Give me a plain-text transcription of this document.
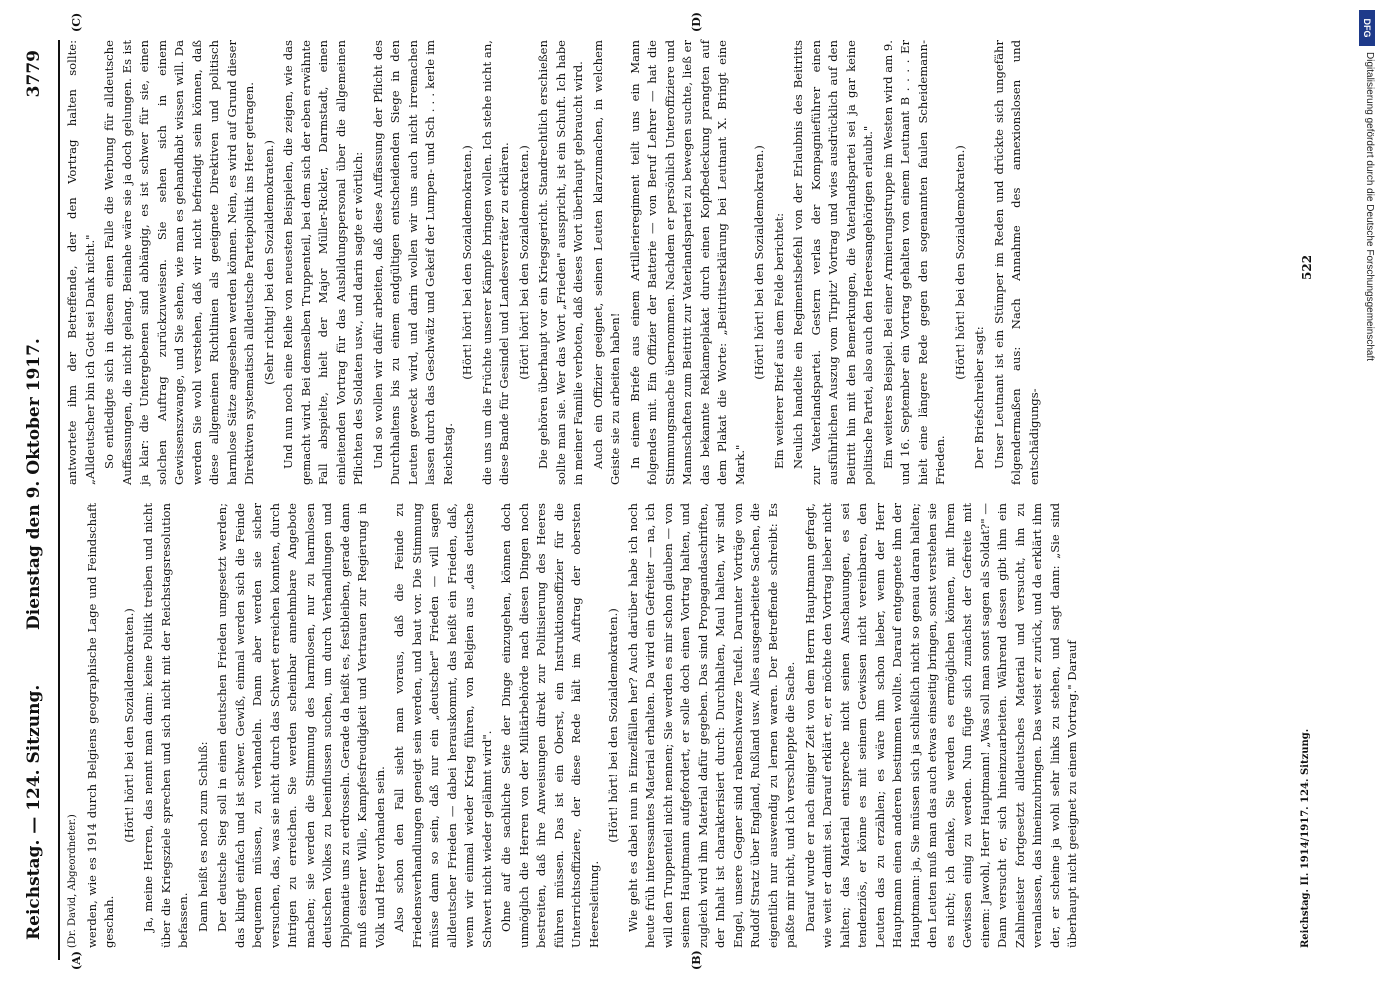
Reichstag. — 124. Sitzung.
Dienstag den 9. Oktober 1917.
3779
(A)	(B)
(C)	(D)

(Dr. David, Abgeordneter.) werden, wie es 1914 durch Belgiens geographische Lage und Feindschaft geschah.

(Hört! hört! bei den Sozialdemokraten.) Ja, meine Herren, das nennt man dann: keine Politik treiben und nicht über die Kriegsziele sprechen und sich nicht mit der Reichstagsresolution befassen. Dann heißt es noch zum Schluß: Der deutsche Sieg soll in einen deutschen Frieden umgesetzt werden; das klingt einfach und ist schwer. Gewiß, einmal werden sich die Feinde bequemen müssen, zu verhandeln. Dann aber werden sie sicher versuchen, das, was sie nicht durch das Schwert erreichen konnten, durch Intrigen zu erreichen. Sie werden scheinbar annehmbare Angebote machen; sie werden die Stimmung des harmlosen, nur zu harmlosen deutschen Volkes zu beeinflussen suchen, um durch Verhandlungen und Diplomatie uns zu erdrosseln. Gerade da heißt es, festbleiben, gerade dann muß eiserner Wille, Kampfesfreudigkeit und Vertrauen zur Regierung in Volk und Heer vorhanden sein. Also schon den Fall sieht man voraus, daß die Feinde zu Friedensverhandlungen geneigt sein werden, und baut vor. Die Stimmung müsse dann so sein, daß nur ein „deutscher" Frieden — will sagen alldeutscher Frieden — dabei herauskommt, das heißt ein Frieden, daß, wenn wir einmal wieder Krieg führen, von Belgien aus „das deutsche Schwert nicht wieder gelähmt wird". Ohne auf die sachliche Seite der Dinge einzugehen, können doch unmöglich die Herren von der Militärbehörde nach diesen Dingen noch bestreiten, daß ihre Anweisungen direkt zur Politisierung des Heeres führen müssen. Das ist ein Oberst, ein Instruktionsoffizier für die Unterrichtsoffiziere, der diese Rede hält im Auftrag der obersten Heeresleitung.

(Hört! hört! bei den Sozialdemokraten.) Wie geht es dabei nun in Einzelfällen her? Auch darüber habe ich noch heute früh interessantes Material erhalten. Da wird ein Gefreiter — na, ich will den Truppenteil nicht nennen; Sie werden es mir schon glauben — von seinem Hauptmann aufgefordert, er solle doch einen Vortrag halten, und zugleich wird ihm Material dafür gegeben. Das sind Propagandaschriften, der Inhalt ist charakterisiert durch: Durchhalten, Maul halten, wir sind Engel, unsere Gegner sind rabenschwarze Teufel. Darunter Vorträge von Rudolf Stratz über England, Rußland usw. Alles ausgearbeitete Sachen, die eigentlich nur auswendig zu lernen waren. Der Betreffende schreibt: Es paßte mir nicht, und ich verschleppte die Sache. Darauf wurde er nach einiger Zeit von dem Herrn Hauptmann gefragt, wie weit er damit sei. Darauf erklärt er, er möchte den Vortrag lieber nicht halten; das Material entspreche nicht seinen Anschauungen, es sei tendenziös, er könne es mit seinem Gewissen nicht vereinbaren, den Leuten das zu erzählen; es wäre ihm schon lieber, wenn der Herr Hauptmann einen anderen bestimmen wollte. Darauf entgegnete ihm der Hauptmann: ja, Sie müssen sich ja schließlich nicht so genau daran halten; den Leuten muß man das auch etwas einseitig bringen, sonst verstehen sie es nicht; ich denke, Sie werden es ermöglichen können, mit Ihrem Gewissen einig zu werden. Nun fügte sich zunächst der Gefreite mit einem: Jawohl, Herr Hauptmann! „Was soll man sonst sagen als Soldat?" — Dann versucht er, sich hineinzuarbeiten. Während dessen gibt ihm ein Zahlmeister fortgesetzt alldeutsches Material und versucht, ihn zu veranlassen, das hineinzubringen. Das weist er zurück, und da erklärt ihm der, er scheine ja wohl sehr links zu stehen, und sagt dann: „Sie sind überhaupt nicht geeignet zu einem Vortrag." Darauf

antwortete ihm der Betreffende, der den Vortrag halten sollte: „Alldeutscher bin ich Gott sei Dank nicht." So entledigte sich in diesem einen Falle die Werbung für alldeutsche Auffassungen, die nicht gelang. Beinahe wäre sie ja doch gelungen. Es ist ja klar: die Untergebenen sind abhängig, es ist schwer für sie, einen solchen Auftrag zurückzuweisen. Sie sehen sich in einem Gewissenszwange, und Sie sehen, wie man es gehandhabt wissen will. Da werden Sie wohl verstehen, daß wir nicht befriedigt sein können, daß diese allgemeinen Richtlinien als geeignete Direktiven und politisch harmlose Sätze angesehen werden können. Nein, es wird auf Grund dieser Direktiven systematisch alldeutsche Parteipolitik ins Heer getragen. (Sehr richtig! bei den Sozialdemokraten.) Und nun noch eine Reihe von neuesten Beispielen, die zeigen, wie das gemacht wird. Bei demselben Truppenteil, bei dem sich der eben erwähnte Fall abspielte, hielt der Major Müller-Rickler, Darmstadt, einen einleitenden Vortrag für das Ausbildungspersonal über die allgemeinen Pflichten des Soldaten usw., und darin sagte er wörtlich: Und so wollen wir dafür arbeiten, daß diese Auffassung der Pflicht des Durchhaltens bis zu einem endgültigen entscheidenden Siege in den Leuten geweckt wird, und darin wollen wir uns auch nicht irremachen lassen durch das Geschwätz und Gekeif der Lumpen- und Sch . . . kerle im Reichstag.

(Hört! hört! bei den Sozialdemokraten.) die uns um die Früchte unserer Kämpfe bringen wollen. Ich stehe nicht an, diese Bande für Gesindel und Landesverräter zu erklären. (Hört! hört! bei den Sozialdemokraten.) Die gehören überhaupt vor ein Kriegsgericht. Standrechtlich erschießen sollte man sie. Wer das Wort „Frieden" ausspricht, ist ein Schuft. Ich habe in meiner Familie verboten, daß dieses Wort überhaupt gebraucht wird. Auch ein Offizier geeignet, seinen Leuten klarzumachen, in welchem Geiste sie zu arbeiten haben! In einem Briefe aus einem Artillerieregiment teilt uns ein Mann folgendes mit. Ein Offizier der Batterie — von Beruf Lehrer — hat die Stimmungsmache übernommen. Nachdem er persönlich Unteroffiziere und Mannschaften zum Beitritt zur Vaterlandspartei zu bewegen suchte, ließ er das bekannte Reklameplakat durch einen Kopfbedeckung prangten auf dem Plakat die Worte: „Beitrittserklärung bei Leutnant X. Bringt eine Mark."

(Hört! hört! bei den Sozialdemokraten.) Ein weiterer Brief aus dem Felde berichtet: Neulich handelte ein Regimentsbefehl von der Erlaubnis des Beitritts zur Vaterlandspartei. Gestern verlas der Kompagnieführer einen ausführlichen Auszug vom Tirpitz' Vortrag und wies ausdrücklich auf den Beitritt hin mit den Bemerkungen, die Vaterlandspartei sei ja gar keine politische Partei, also auch den Heeresangehörigen erlaubt." Ein weiteres Beispiel. Bei einer Armierungstruppe im Westen wird am 9. und 16. September ein Vortrag gehalten von einem Leutnant B . . . . Er hielt eine längere Rede gegen den sogenannten faulen Scheidemann-Frieden.

(Hört! hört! bei den Sozialdemokraten.)

Der Briefschreiber sagt: Unser Leutnant ist ein Stümper im Reden und drückte sich ungefähr folgendermaßen aus: Nach Annahme des annexionslosen und entschädigungs-

Reichstag. II. 1914/1917. 124. Sitzung.
522
DFG
Digitalisierung gefördert durch die Deutsche Forschungsgemeinschaft
